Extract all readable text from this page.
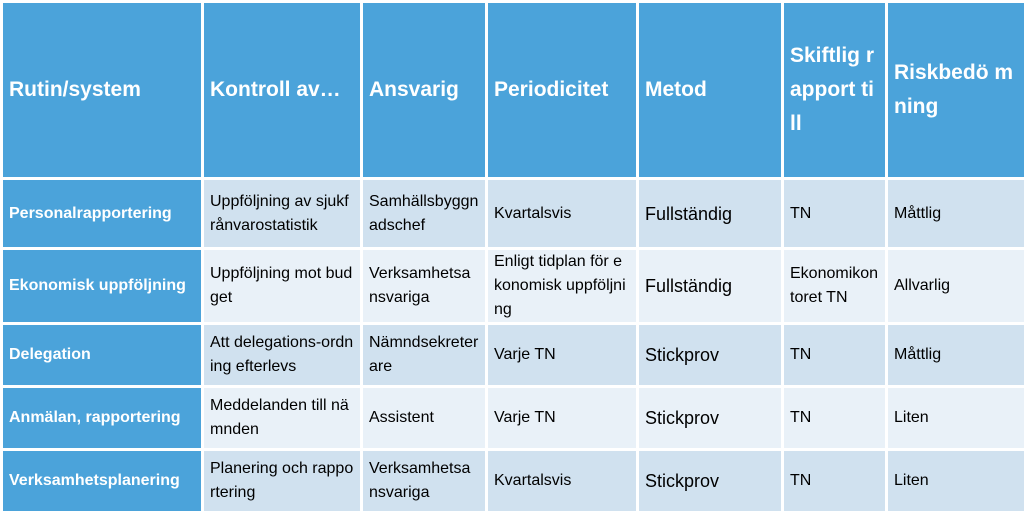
Rutin/system	Kontroll av…	Ansvarig	Periodicitet	Metod	Skiftlig rapport till	Riskbedö mning
Personalrapportering	Uppföljning av sjukfrånvarostatistik	Samhällsbyggnadschef	Kvartalsvis	Fullständig	TN	Måttlig
Ekonomisk uppföljning	Uppföljning mot budget	Verksamhetsansvariga	Enligt tidplan för ekonomisk uppföljning	Fullständig	Ekonomikontoret TN	Allvarlig
Delegation	Att delegations-ordning efterlevs	Nämndsekreterare	Varje TN	Stickprov	TN	Måttlig
Anmälan, rapportering	Meddelanden till nämnden	Assistent	Varje TN	Stickprov	TN	Liten
Verksamhetsplanering	Planering och rapportering	Verksamhetsansvariga	Kvartalsvis	Stickprov	TN	Liten
